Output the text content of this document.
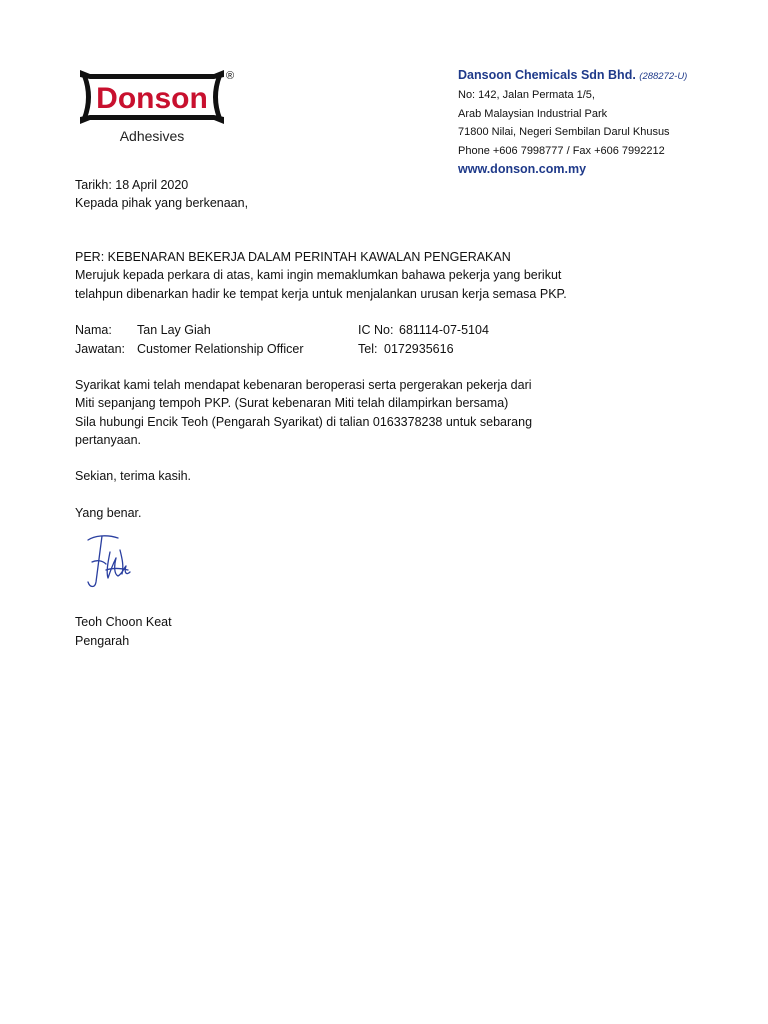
Donson
®
Adhesives
Dansoon Chemicals Sdn Bhd. (288272-U)
No: 142, Jalan Permata 1/5,
Arab Malaysian Industrial Park
71800 Nilai, Negeri Sembilan Darul Khusus
Phone +606 7998777 / Fax +606 7992212
www.donson.com.my
Tarikh: 18 April 2020
Kepada pihak yang berkenaan,
PER: KEBENARAN BEKERJA DALAM PERINTAH KAWALAN PENGERAKAN
Merujuk kepada perkara di atas, kami ingin memaklumkan bahawa pekerja yang berikut
telahpun dibenarkan hadir ke tempat kerja untuk menjalankan urusan kerja semasa PKP.
Nama: Tan Lay Giah	IC No: 681114-07-5104
Jawatan: Customer Relationship Officer	Tel: 0172935616
Syarikat kami telah mendapat kebenaran beroperasi serta pergerakan pekerja dari
Miti sepanjang tempoh PKP. (Surat kebenaran Miti telah dilampirkan bersama)
Sila hubungi Encik Teoh (Pengarah Syarikat) di talian 0163378238 untuk sebarang
pertanyaan.
Sekian, terima kasih.
Yang benar.
Teoh Choon Keat
Pengarah
